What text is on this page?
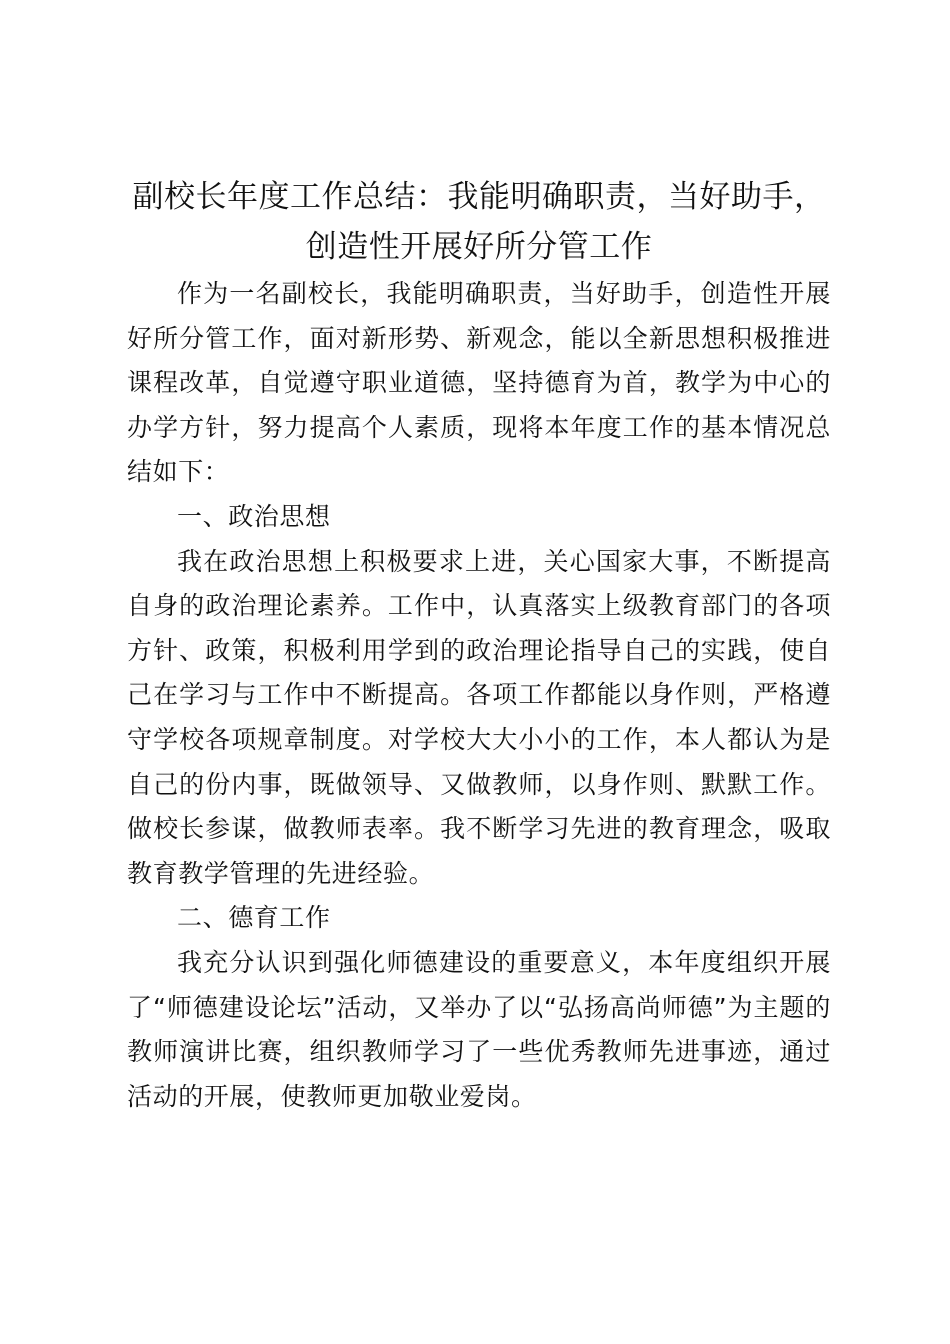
副校长年度工作总结：我能明确职责，当好助手，创造性开展好所分管工作

作为一名副校长，我能明确职责，当好助手，创造性开展好所分管工作，面对新形势、新观念，能以全新思想积极推进课程改革，自觉遵守职业道德，坚持德育为首，教学为中心的办学方针，努力提高个人素质，现将本年度工作的基本情况总结如下：

一、政治思想

我在政治思想上积极要求上进，关心国家大事，不断提高自身的政治理论素养。工作中，认真落实上级教育部门的各项方针、政策，积极利用学到的政治理论指导自己的实践，使自己在学习与工作中不断提高。各项工作都能以身作则，严格遵守学校各项规章制度。对学校大大小小的工作，本人都认为是自己的份内事，既做领导、又做教师，以身作则、默默工作。做校长参谋，做教师表率。我不断学习先进的教育理念，吸取教育教学管理的先进经验。

二、德育工作

我充分认识到强化师德建设的重要意义，本年度组织开展了“师德建设论坛”活动，又举办了以“弘扬高尚师德”为主题的教师演讲比赛，组织教师学习了一些优秀教师先进事迹，通过活动的开展，使教师更加敬业爱岗。
